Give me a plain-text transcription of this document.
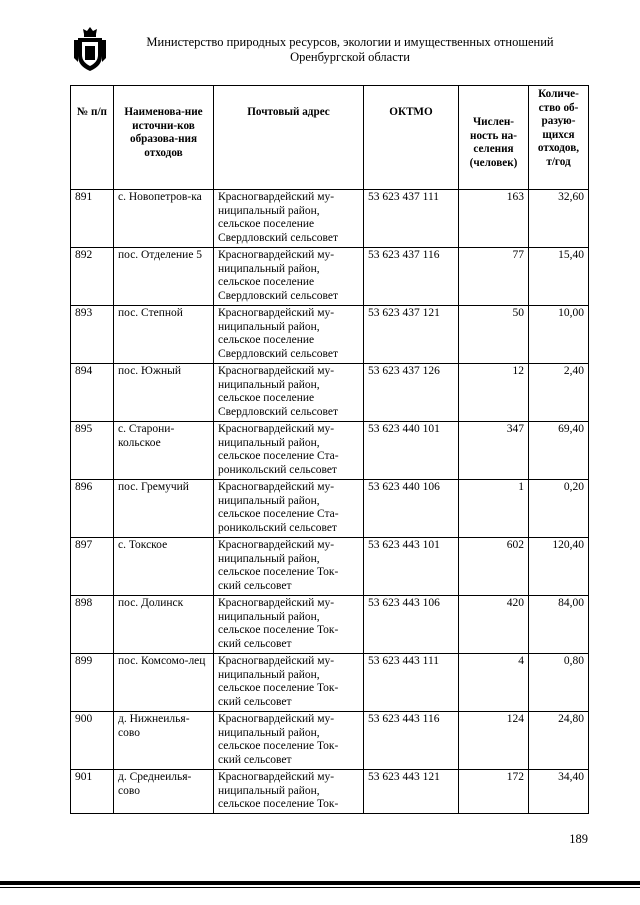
Министерство природных ресурсов, экологии и имущественных отношений
Оренбургской области
№ п/п	Наименова-ние источни-ков образова-ния отходов	Почтовый адрес	ОКТМО	Числен-ность на-селения (человек)	Количе-ство об-разую-щихся отходов, т/год
891	с. Новопетров-ка	Красногвардейский му-ниципальный район, сельское поселение Свердловский сельсовет	53 623 437 111	163	32,60
892	пос. Отделение 5	Красногвардейский му-ниципальный район, сельское поселение Свердловский сельсовет	53 623 437 116	77	15,40
893	пос. Степной	Красногвардейский му-ниципальный район, сельское поселение Свердловский сельсовет	53 623 437 121	50	10,00
894	пос. Южный	Красногвардейский му-ниципальный район, сельское поселение Свердловский сельсовет	53 623 437 126	12	2,40
895	с. Старони-кольское	Красногвардейский му-ниципальный район, сельское поселение Ста-роникольский сельсовет	53 623 440 101	347	69,40
896	пос. Гремучий	Красногвардейский му-ниципальный район, сельское поселение Ста-роникольский сельсовет	53 623 440 106	1	0,20
897	с. Токское	Красногвардейский му-ниципальный район, сельское поселение Ток-ский сельсовет	53 623 443 101	602	120,40
898	пос. Долинск	Красногвардейский му-ниципальный район, сельское поселение Ток-ский сельсовет	53 623 443 106	420	84,00
899	пос. Комсомо-лец	Красногвардейский му-ниципальный район, сельское поселение Ток-ский сельсовет	53 623 443 111	4	0,80
900	д. Нижнеилья-сово	Красногвардейский му-ниципальный район, сельское поселение Ток-ский сельсовет	53 623 443 116	124	24,80
901	д. Среднеилья-сово	Красногвардейский му-ниципальный район, сельское поселение Ток-	53 623 443 121	172	34,40
189
